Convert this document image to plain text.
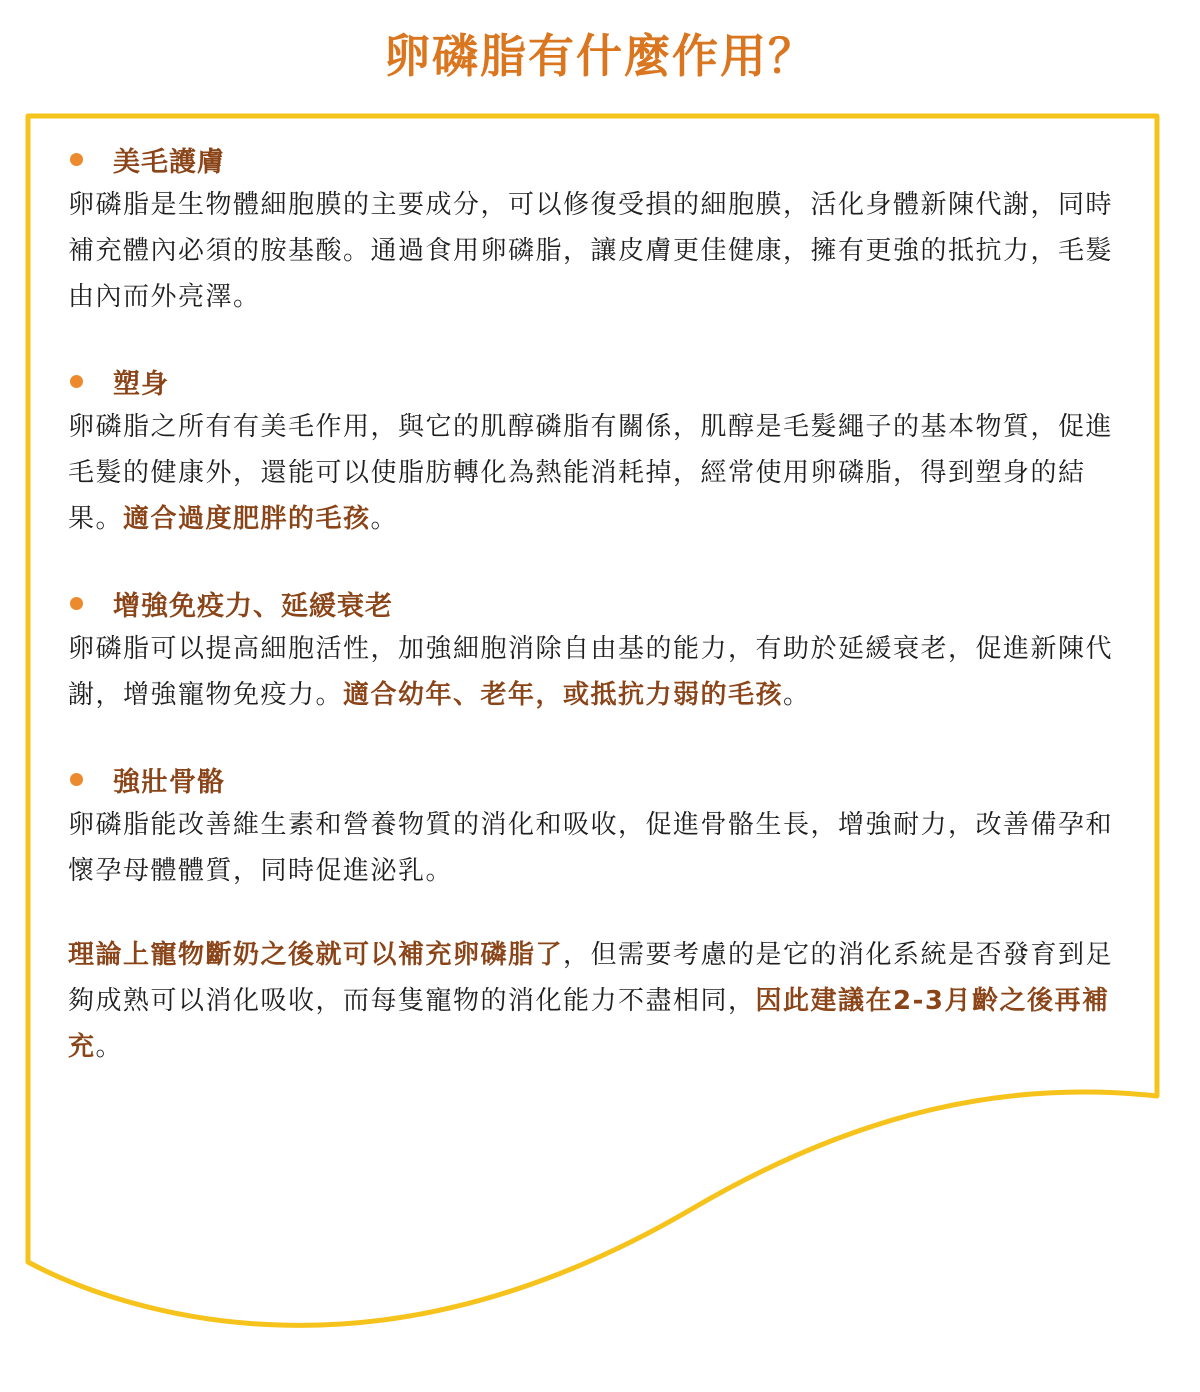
卵磷脂有什麼作用？
美毛護膚

卵磷脂是生物體細胞膜的主要成分，可以修復受損的細胞膜，活化身體新陳代謝，同時補充體內必須的胺基酸。通過食用卵磷脂，讓皮膚更佳健康，擁有更強的抵抗力，毛髮由內而外亮澤。

塑身

卵磷脂之所有有美毛作用，與它的肌醇磷脂有關係，肌醇是毛髮繩子的基本物質，促進毛髮的健康外，還能可以使脂肪轉化為熱能消耗掉，經常使用卵磷脂，得到塑身的結果。適合過度肥胖的毛孩。

增強免疫力、延緩衰老

卵磷脂可以提高細胞活性，加強細胞消除自由基的能力，有助於延緩衰老，促進新陳代謝，增強寵物免疫力。適合幼年、老年，或抵抗力弱的毛孩。

強壯骨骼

卵磷脂能改善維生素和營養物質的消化和吸收，促進骨骼生長，增強耐力，改善備孕和懷孕母體體質，同時促進泌乳。

理論上寵物斷奶之後就可以補充卵磷脂了，但需要考慮的是它的消化系統是否發育到足夠成熟可以消化吸收，而每隻寵物的消化能力不盡相同，因此建議在2-3月齡之後再補充。
